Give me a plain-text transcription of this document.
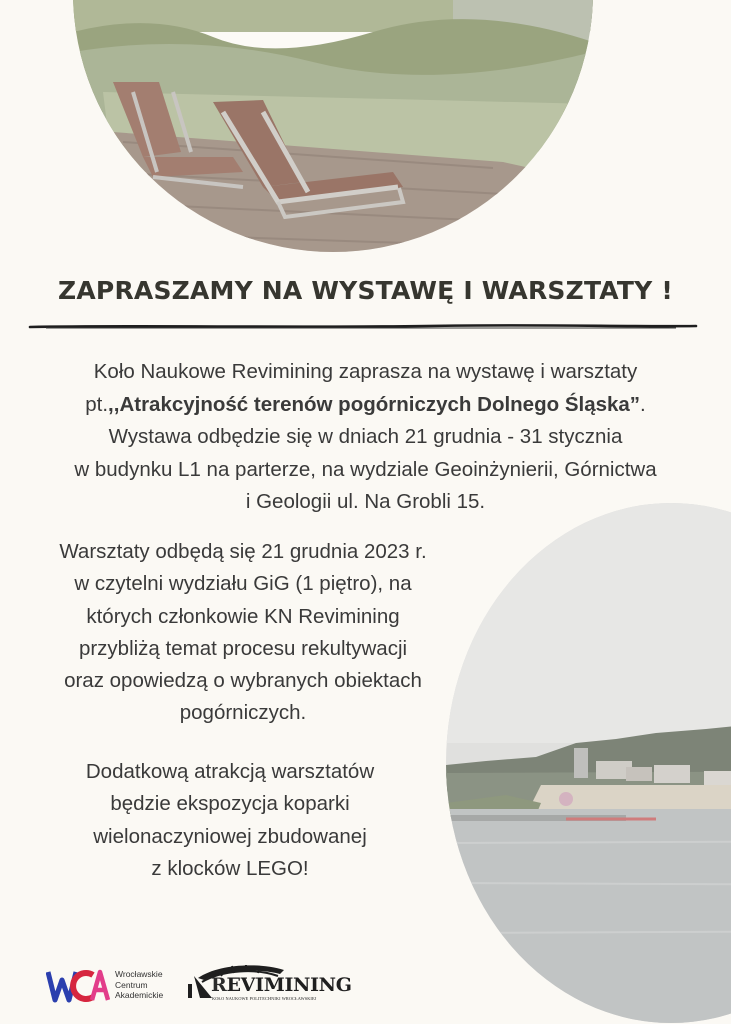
ZAPRASZAMY NA WYSTAWĘ I WARSZTATY !

Koło Naukowe Revimining zaprasza na wystawę i warsztaty

pt.,,Atrakcyjność terenów pogórniczych Dolnego Śląska”.

Wystawa odbędzie się w dniach 21 grudnia - 31 stycznia

w budynku L1 na parterze, na wydziale Geoinżynierii, Górnictwa

i Geologii ul. Na Grobli 15.

Warsztaty odbędą się 21 grudnia 2023 r.

w czytelni wydziału GiG (1 piętro), na

których członkowie KN Revimining

przybliżą temat procesu rekultywacji

oraz opowiedzą o wybranych obiektach

pogórniczych.

Dodatkową atrakcją warsztatów

będzie ekspozycja koparki

wielonaczyniowej zbudowanej

z klocków LEGO!

Wrocławskie
Centrum
Akademickie	REVIMINING
KOŁO NAUKOWE POLITECHNIKI WROCŁAWSKIEJ
